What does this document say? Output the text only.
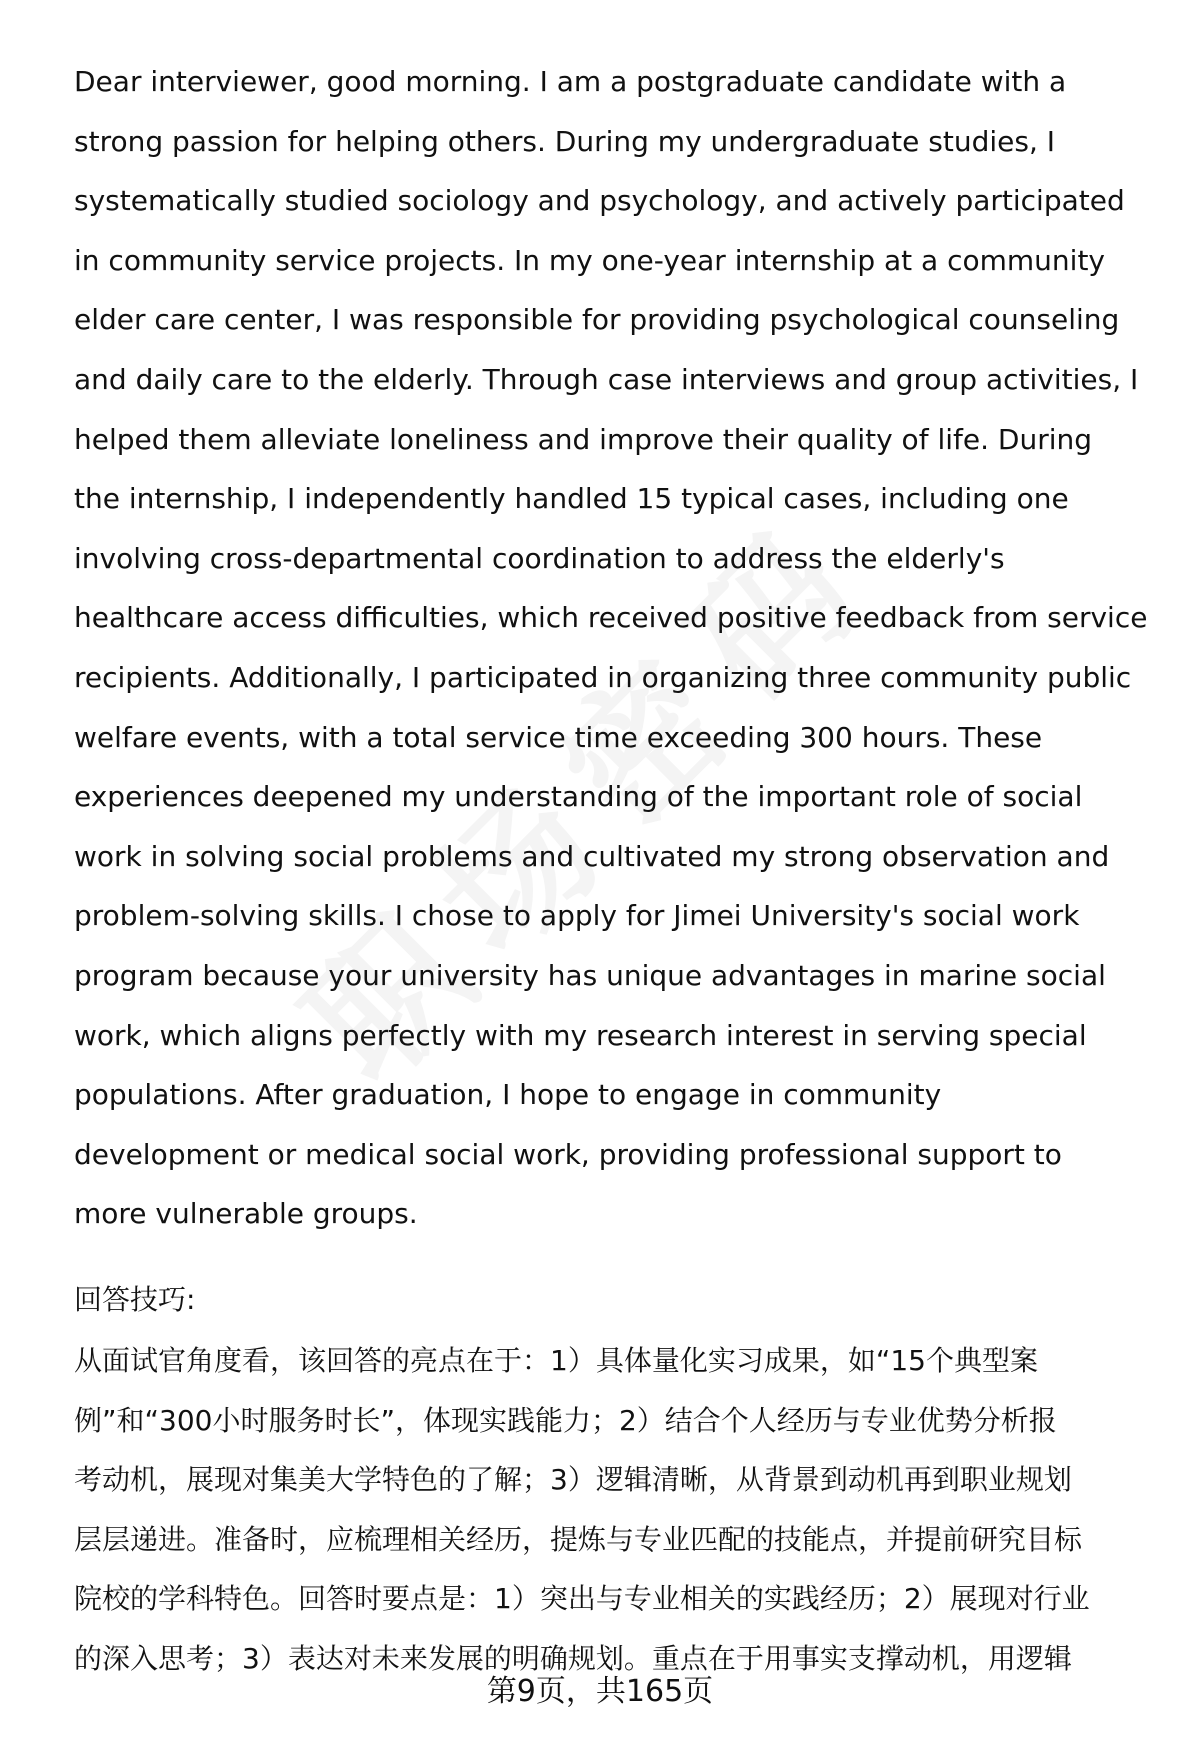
Dear interviewer, good morning. I am a postgraduate candidate with a
strong passion for helping others. During my undergraduate studies, I
systematically studied sociology and psychology, and actively participated
in community service projects. In my one-year internship at a community
elder care center, I was responsible for providing psychological counseling
and daily care to the elderly. Through case interviews and group activities, I
helped them alleviate loneliness and improve their quality of life. During
the internship, I independently handled 15 typical cases, including one
involving cross-departmental coordination to address the elderly's
healthcare access difficulties, which received positive feedback from service
recipients. Additionally, I participated in organizing three community public
welfare events, with a total service time exceeding 300 hours. These
experiences deepened my understanding of the important role of social
work in solving social problems and cultivated my strong observation and
problem-solving skills. I chose to apply for Jimei University's social work
program because your university has unique advantages in marine social
work, which aligns perfectly with my research interest in serving special
populations. After graduation, I hope to engage in community
development or medical social work, providing professional support to
more vulnerable groups.
回答技巧:
从面试官角度看，该回答的亮点在于：1）具体量化实习成果，如“15个典型案
例”和“300小时服务时长”，体现实践能力；2）结合个人经历与专业优势分析报
考动机，展现对集美大学特色的了解；3）逻辑清晰，从背景到动机再到职业规划
层层递进。准备时，应梳理相关经历，提炼与专业匹配的技能点，并提前研究目标
院校的学科特色。回答时要点是：1）突出与专业相关的实践经历；2）展现对行业
的深入思考；3）表达对未来发展的明确规划。重点在于用事实支撑动机，用逻辑
第9页，共165页
